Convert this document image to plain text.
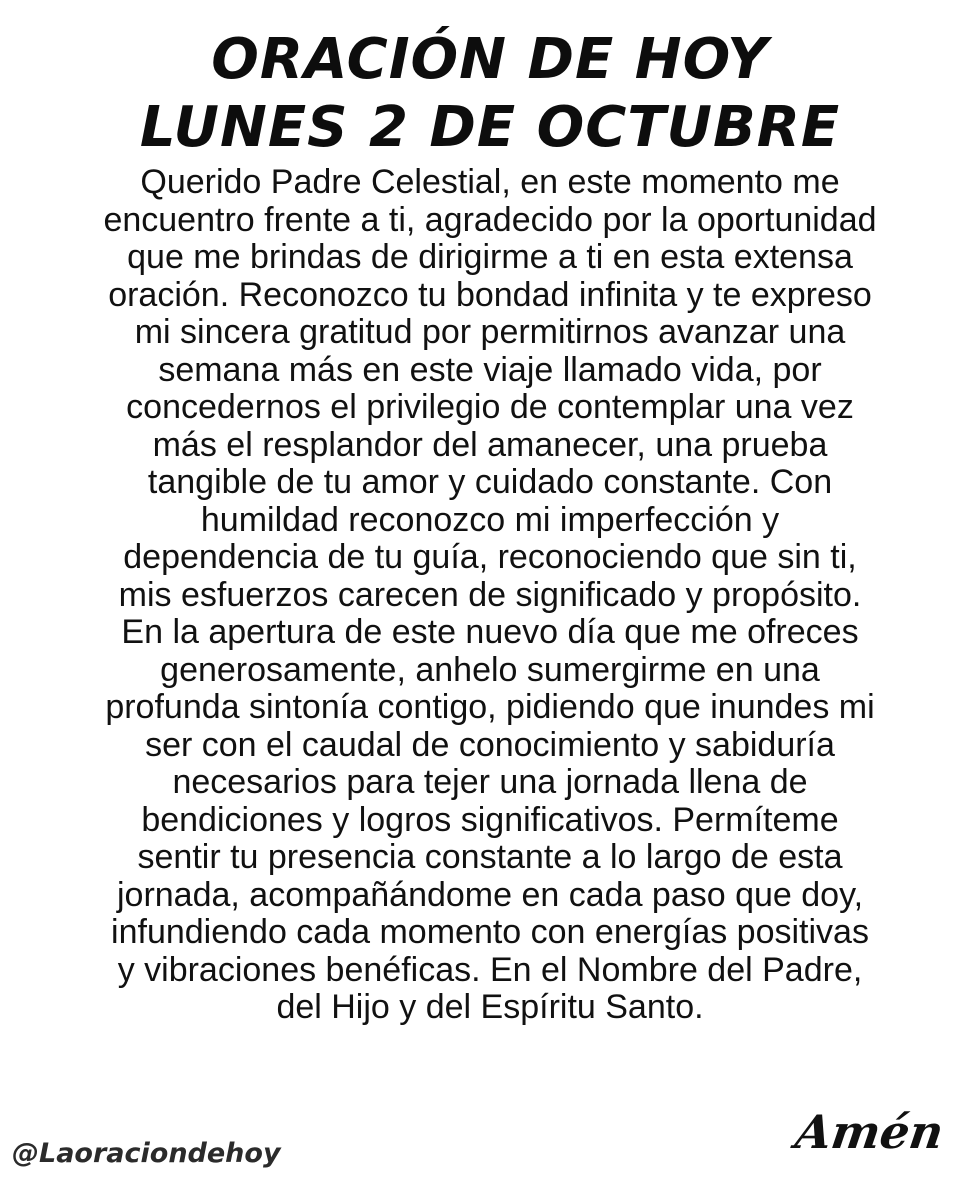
ORACIÓN DE HOY
LUNES 2 DE OCTUBRE
Querido Padre Celestial, en este momento me
encuentro frente a ti, agradecido por la oportunidad
que me brindas de dirigirme a ti en esta extensa
oración. Reconozco tu bondad infinita y te expreso
mi sincera gratitud por permitirnos avanzar una
semana más en este viaje llamado vida, por
concedernos el privilegio de contemplar una vez
más el resplandor del amanecer, una prueba
tangible de tu amor y cuidado constante. Con
humildad reconozco mi imperfección y
dependencia de tu guía, reconociendo que sin ti,
mis esfuerzos carecen de significado y propósito.
En la apertura de este nuevo día que me ofreces
generosamente, anhelo sumergirme en una
profunda sintonía contigo, pidiendo que inundes mi
ser con el caudal de conocimiento y sabiduría
necesarios para tejer una jornada llena de
bendiciones y logros significativos. Permíteme
sentir tu presencia constante a lo largo de esta
jornada, acompañándome en cada paso que doy,
infundiendo cada momento con energías positivas
y vibraciones benéficas. En el Nombre del Padre,
del Hijo y del Espíritu Santo.
Amén
@Laoraciondehoy
